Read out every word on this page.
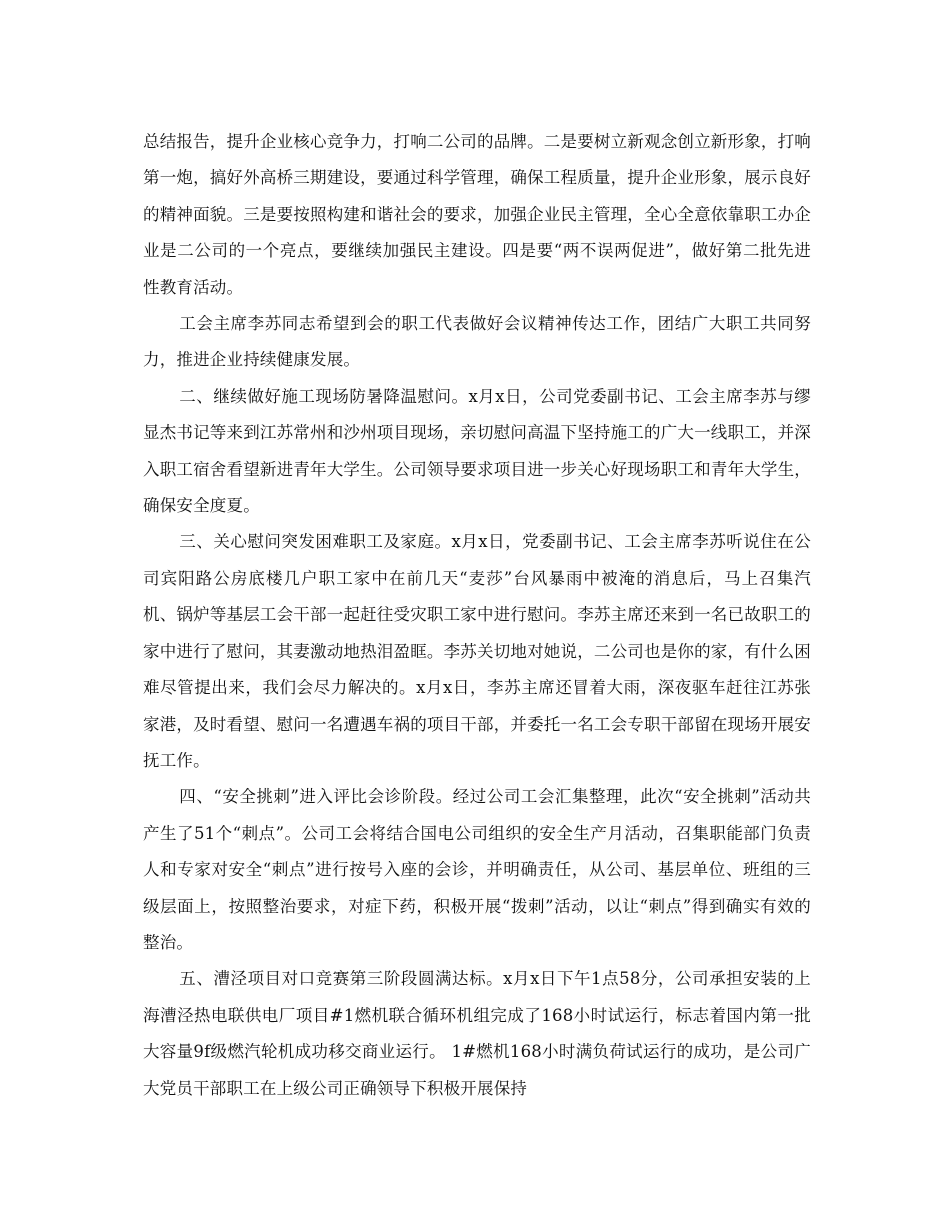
总结报告，提升企业核心竞争力，打响二公司的品牌。二是要树立新观念创立新形象，打响第一炮，搞好外高桥三期建设，要通过科学管理，确保工程质量，提升企业形象，展示良好的精神面貌。三是要按照构建和谐社会的要求，加强企业民主管理，全心全意依靠职工办企业是二公司的一个亮点，要继续加强民主建设。四是要“两不误两促进”，做好第二批先进性教育活动。

工会主席李苏同志希望到会的职工代表做好会议精神传达工作，团结广大职工共同努力，推进企业持续健康发展。

二、继续做好施工现场防暑降温慰问。x月x日，公司党委副书记、工会主席李苏与缪显杰书记等来到江苏常州和沙州项目现场，亲切慰问高温下坚持施工的广大一线职工，并深入职工宿舍看望新进青年大学生。公司领导要求项目进一步关心好现场职工和青年大学生，确保安全度夏。

三、关心慰问突发困难职工及家庭。x月x日，党委副书记、工会主席李苏听说住在公司宾阳路公房底楼几户职工家中在前几天“麦莎”台风暴雨中被淹的消息后，马上召集汽机、锅炉等基层工会干部一起赶往受灾职工家中进行慰问。李苏主席还来到一名已故职工的家中进行了慰问，其妻激动地热泪盈眶。李苏关切地对她说，二公司也是你的家，有什么困难尽管提出来，我们会尽力解决的。x月x日，李苏主席还冒着大雨，深夜驱车赶往江苏张家港，及时看望、慰问一名遭遇车祸的项目干部，并委托一名工会专职干部留在现场开展安抚工作。

四、“安全挑刺”进入评比会诊阶段。经过公司工会汇集整理，此次“安全挑刺”活动共产生了51个“刺点”。公司工会将结合国电公司组织的安全生产月活动，召集职能部门负责人和专家对安全“刺点”进行按号入座的会诊，并明确责任，从公司、基层单位、班组的三级层面上，按照整治要求，对症下药，积极开展“拨刺”活动，以让“刺点”得到确实有效的整治。

五、漕泾项目对口竞赛第三阶段圆满达标。x月x日下午1点58分，公司承担安装的上海漕泾热电联供电厂项目#1燃机联合循环机组完成了168小时试运行，标志着国内第一批大容量9f级燃汽轮机成功移交商业运行。 1#燃机168小时满负荷试运行的成功，是公司广大党员干部职工在上级公司正确领导下积极开展保持
